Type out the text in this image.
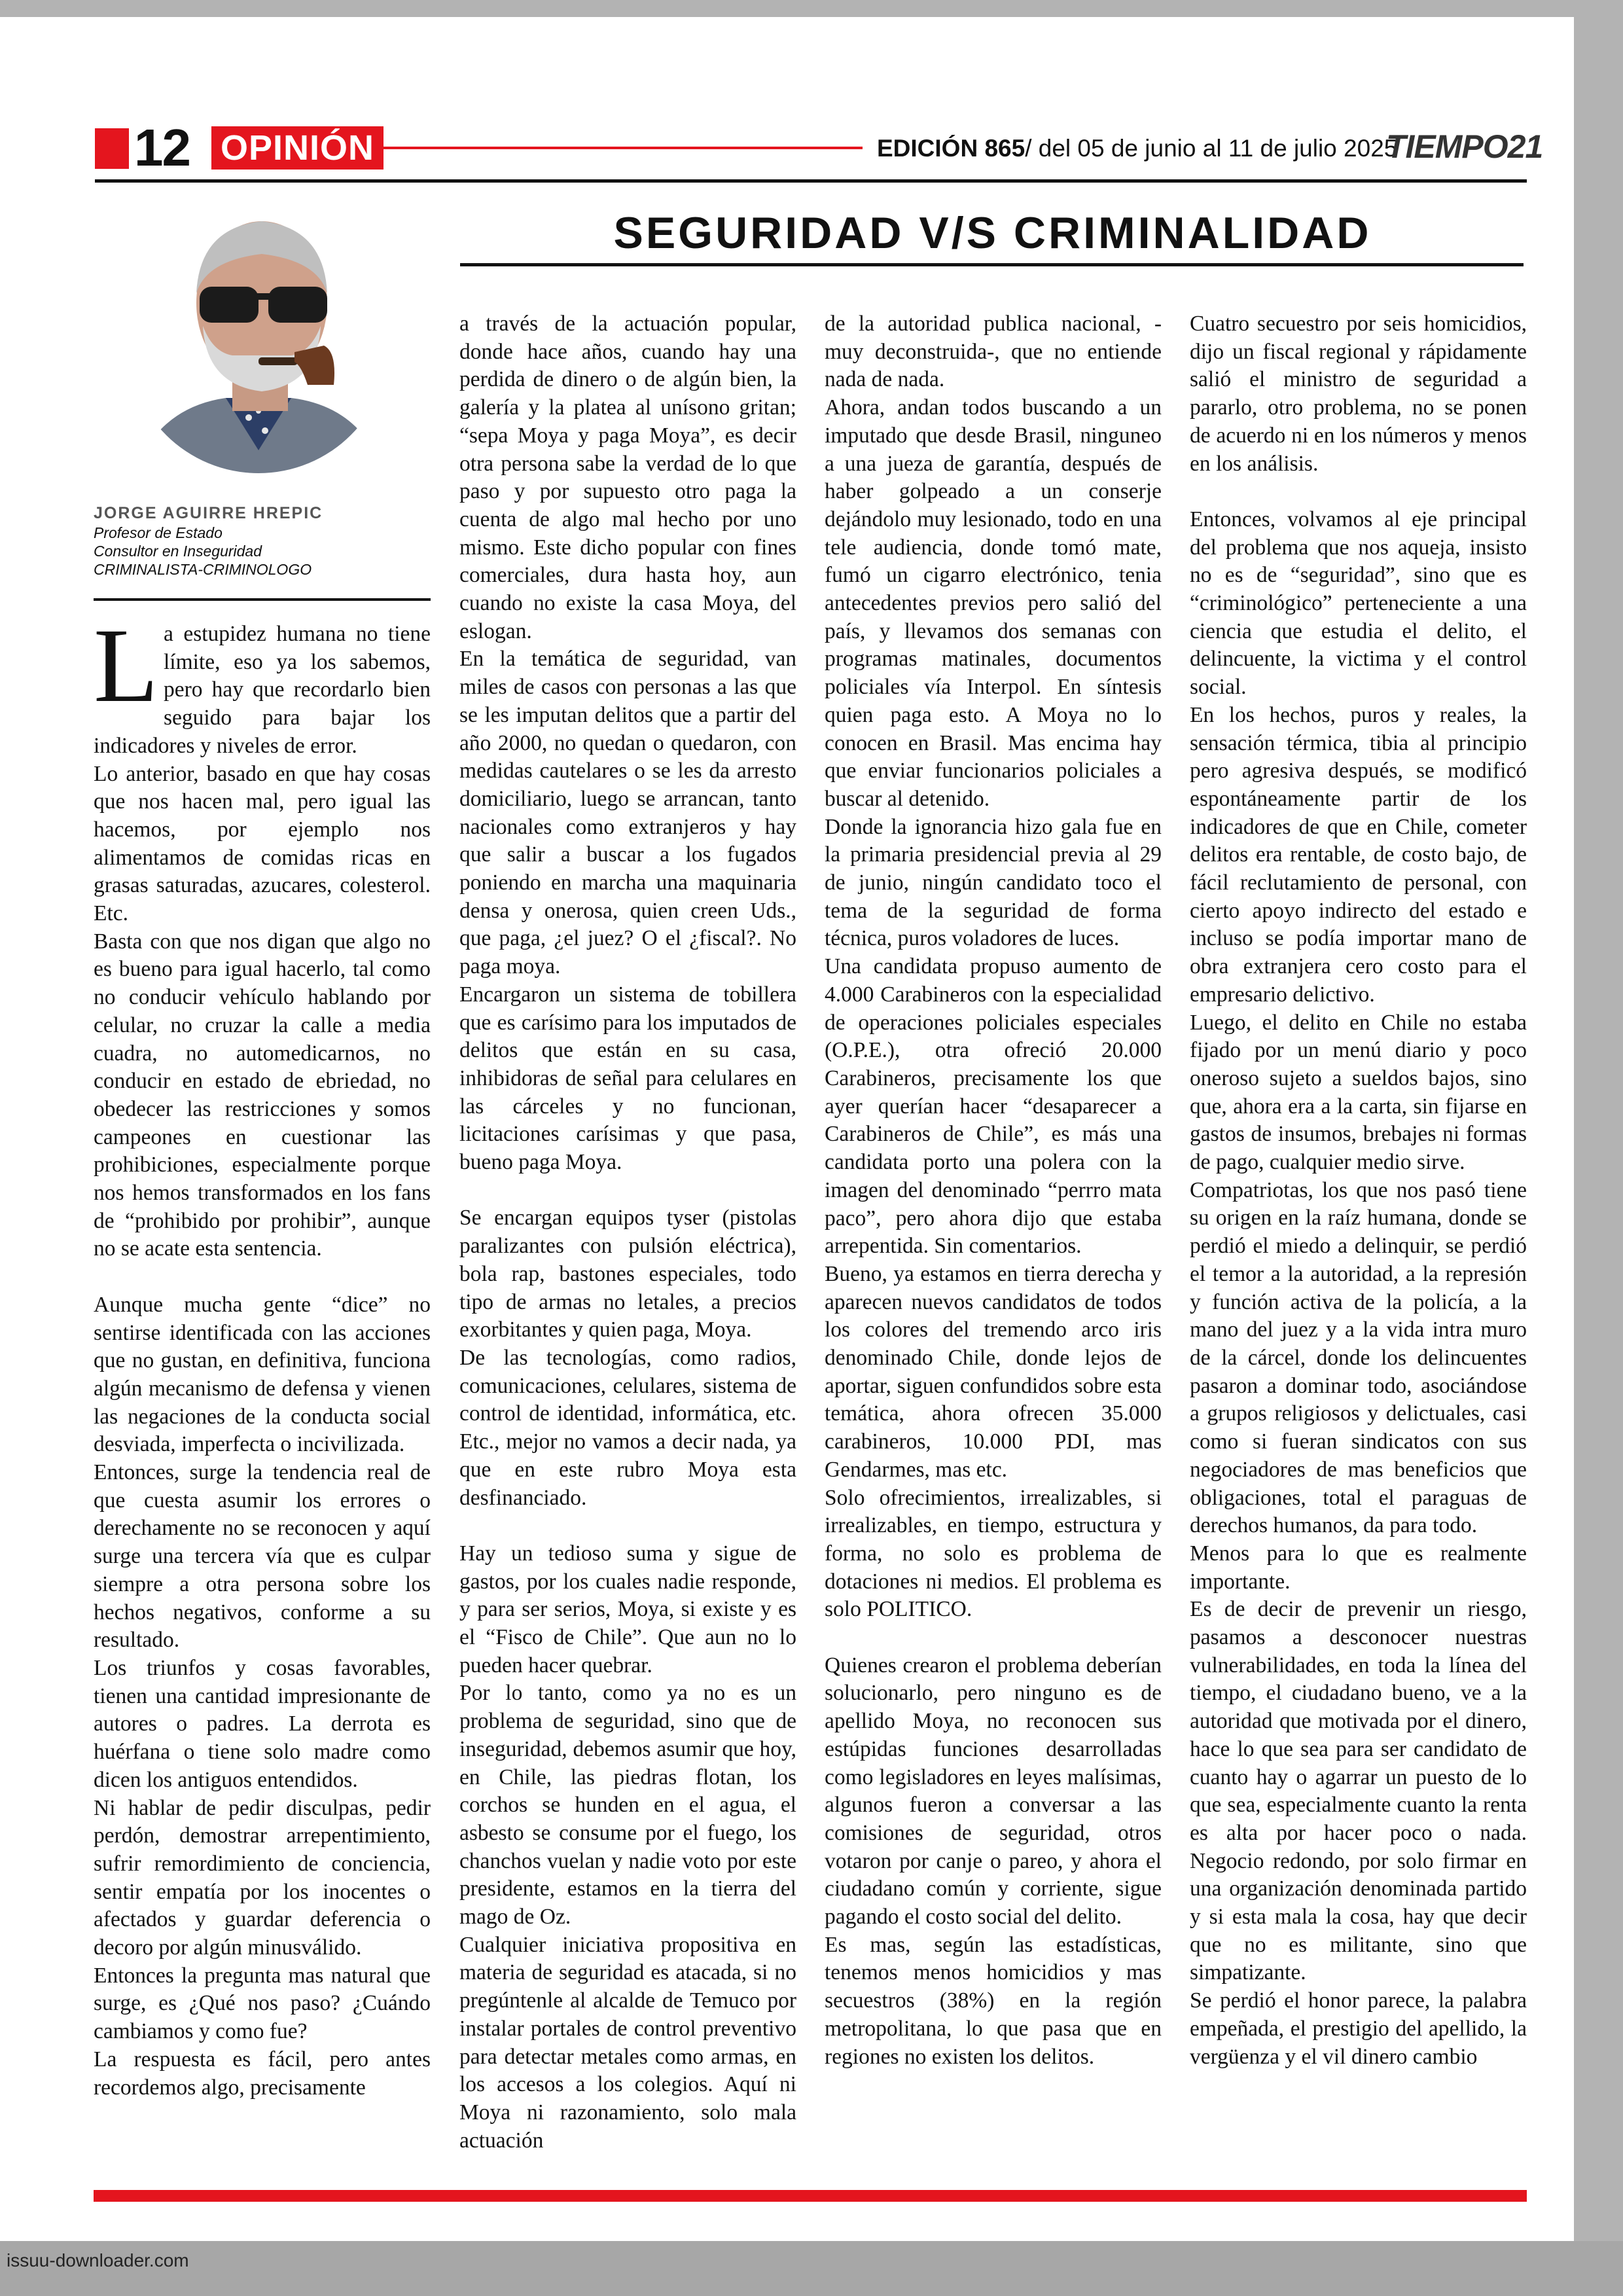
12 OPINIÓN	EDICIÓN 865/ del 05 de junio al 11 de julio 2025
TIEMPO21
JORGE AGUIRRE HREPIC
Profesor de Estado
Consultor en Inseguridad
CRIMINALISTA-CRIMINOLOGO
SEGURIDAD V/S CRIMINALIDAD

La estupidez humana no tiene límite, eso ya los sabemos, pero hay que recordarlo bien seguido para bajar los indicadores y niveles de error.

Lo anterior, basado en que hay cosas que nos hacen mal, pero igual las hacemos, por ejemplo nos alimentamos de comidas ricas en grasas saturadas, azucares, colesterol. Etc.

Basta con que nos digan que algo no es bueno para igual hacerlo, tal como no conducir vehículo hablando por celular, no cruzar la calle a media cuadra, no automedicarnos, no conducir en estado de ebriedad, no obedecer las restricciones y somos campeones en cuestionar las prohibiciones, especialmente porque nos hemos transformados en los fans de “prohibido por prohibir”, aunque no se acate esta sentencia.

Aunque mucha gente “dice” no sentirse identificada con las acciones que no gustan, en definitiva, funciona algún mecanismo de defensa y vienen las negaciones de la conducta social desviada, imperfecta o incivilizada.

Entonces, surge la tendencia real de que cuesta asumir los errores o derechamente no se reconocen y aquí surge una tercera vía que es culpar siempre a otra persona sobre los hechos negativos, conforme a su resultado.

Los triunfos y cosas favorables, tienen una cantidad impresionante de autores o padres. La derrota es huérfana o tiene solo madre como dicen los antiguos entendidos.

Ni hablar de pedir disculpas, pedir perdón, demostrar arrepentimiento, sufrir remordimiento de conciencia, sentir empatía por los inocentes o afectados y guardar deferencia o decoro por algún minusválido.

Entonces la pregunta mas natural que surge, es ¿Qué nos paso? ¿Cuándo cambiamos y como fue?

La respuesta es fácil, pero antes recordemos algo, precisamente

a través de la actuación popular, donde hace años, cuando hay una perdida de dinero o de algún bien, la galería y la platea al unísono gritan; “sepa Moya y paga Moya”, es decir otra persona sabe la verdad de lo que paso y por supuesto otro paga la cuenta de algo mal hecho por uno mismo. Este dicho popular con fines comerciales, dura hasta hoy, aun cuando no existe la casa Moya, del eslogan.

En la temática de seguridad, van miles de casos con personas a las que se les imputan delitos que a partir del año 2000, no quedan o quedaron, con medidas cautelares o se les da arresto domiciliario, luego se arrancan, tanto nacionales como extranjeros y hay que salir a buscar a los fugados poniendo en marcha una maquinaria densa y onerosa, quien creen Uds., que paga, ¿el juez? O el ¿fiscal?. No paga moya.

Encargaron un sistema de tobillera que es carísimo para los imputados de delitos que están en su casa, inhibidoras de señal para celulares en las cárceles y no funcionan, licitaciones carísimas y que pasa, bueno paga Moya.

Se encargan equipos tyser (pistolas paralizantes con pulsión eléctrica), bola rap, bastones especiales, todo tipo de armas no letales, a precios exorbitantes y quien paga, Moya.

De las tecnologías, como radios, comunicaciones, celulares, sistema de control de identidad, informática, etc. Etc., mejor no vamos a decir nada, ya que en este rubro Moya esta desfinanciado.

Hay un tedioso suma y sigue de gastos, por los cuales nadie responde, y para ser serios, Moya, si existe y es el “Fisco de Chile”. Que aun no lo pueden hacer quebrar.

Por lo tanto, como ya no es un problema de seguridad, sino que de inseguridad, debemos asumir que hoy, en Chile, las piedras flotan, los corchos se hunden en el agua, el asbesto se consume por el fuego, los chanchos vuelan y nadie voto por este presidente, estamos en la tierra del mago de Oz.

Cualquier iniciativa propositiva en materia de seguridad es atacada, si no pregúntenle al alcalde de Temuco por instalar portales de control preventivo para detectar metales como armas, en los accesos a los colegios. Aquí ni Moya ni razonamiento, solo mala actuación

de la autoridad publica nacional, -muy deconstruida-, que no entiende nada de nada.

Ahora, andan todos buscando a un imputado que desde Brasil, ninguneo a una jueza de garantía, después de haber golpeado a un conserje dejándolo muy lesionado, todo en una tele audiencia, donde tomó mate, fumó un cigarro electrónico, tenia antecedentes previos pero salió del país, y llevamos dos semanas con programas matinales, documentos policiales vía Interpol. En síntesis quien paga esto. A Moya no lo conocen en Brasil. Mas encima hay que enviar funcionarios policiales a buscar al detenido.

Donde la ignorancia hizo gala fue en la primaria presidencial previa al 29 de junio, ningún candidato toco el tema de la seguridad de forma técnica, puros voladores de luces.

Una candidata propuso aumento de 4.000 Carabineros con la especialidad de operaciones policiales especiales (O.P.E.), otra ofreció 20.000 Carabineros, precisamente los que ayer querían hacer “desaparecer a Carabineros de Chile”, es más una candidata porto una polera con la imagen del denominado “perrro mata paco”, pero ahora dijo que estaba arrepentida. Sin comentarios.

Bueno, ya estamos en tierra derecha y aparecen nuevos candidatos de todos los colores del tremendo arco iris denominado Chile, donde lejos de aportar, siguen confundidos sobre esta temática, ahora ofrecen 35.000 carabineros, 10.000 PDI, mas Gendarmes, mas etc.

Solo ofrecimientos, irrealizables, si irrealizables, en tiempo, estructura y forma, no solo es problema de dotaciones ni medios. El problema es solo POLITICO.

Quienes crearon el problema deberían solucionarlo, pero ninguno es de apellido Moya, no reconocen sus estúpidas funciones desarrolladas como legisladores en leyes malísimas, algunos fueron a conversar a las comisiones de seguridad, otros votaron por canje o pareo, y ahora el ciudadano común y corriente, sigue pagando el costo social del delito.

Es mas, según las estadísticas, tenemos menos homicidios y mas secuestros (38%) en la región metropolitana, lo que pasa que en regiones no existen los delitos.

Cuatro secuestro por seis homicidios, dijo un fiscal regional y rápidamente salió el ministro de seguridad a pararlo, otro problema, no se ponen de acuerdo ni en los números y menos en los análisis.

Entonces, volvamos al eje principal del problema que nos aqueja, insisto no es de “seguridad”, sino que es “criminológico” perteneciente a una ciencia que estudia el delito, el delincuente, la victima y el control social.

En los hechos, puros y reales, la sensación térmica, tibia al principio pero agresiva después, se modificó espontáneamente partir de los indicadores de que en Chile, cometer delitos era rentable, de costo bajo, de fácil reclutamiento de personal, con cierto apoyo indirecto del estado e incluso se podía importar mano de obra extranjera cero costo para el empresario delictivo.

Luego, el delito en Chile no estaba fijado por un menú diario y poco oneroso sujeto a sueldos bajos, sino que, ahora era a la carta, sin fijarse en gastos de insumos, brebajes ni formas de pago, cualquier medio sirve.

Compatriotas, los que nos pasó tiene su origen en la raíz humana, donde se perdió el miedo a delinquir, se perdió el temor a la autoridad, a la represión y función activa de la policía, a la mano del juez y a la vida intra muro de la cárcel, donde los delincuentes pasaron a dominar todo, asociándose a grupos religiosos y delictuales, casi como si fueran sindicatos con sus negociadores de mas beneficios que obligaciones, total el paraguas de derechos humanos, da para todo.

Menos para lo que es realmente importante.

Es de decir de prevenir un riesgo, pasamos a desconocer nuestras vulnerabilidades, en toda la línea del tiempo, el ciudadano bueno, ve a la autoridad que motivada por el dinero, hace lo que sea para ser candidato de cuanto hay o agarrar un puesto de lo que sea, especialmente cuanto la renta es alta por hacer poco o nada. Negocio redondo, por solo firmar en una organización denominada partido y si esta mala la cosa, hay que decir que no es militante, sino que simpatizante.

Se perdió el honor parece, la palabra empeñada, el prestigio del apellido, la vergüenza y el vil dinero cambio

issuu-downloader.com
